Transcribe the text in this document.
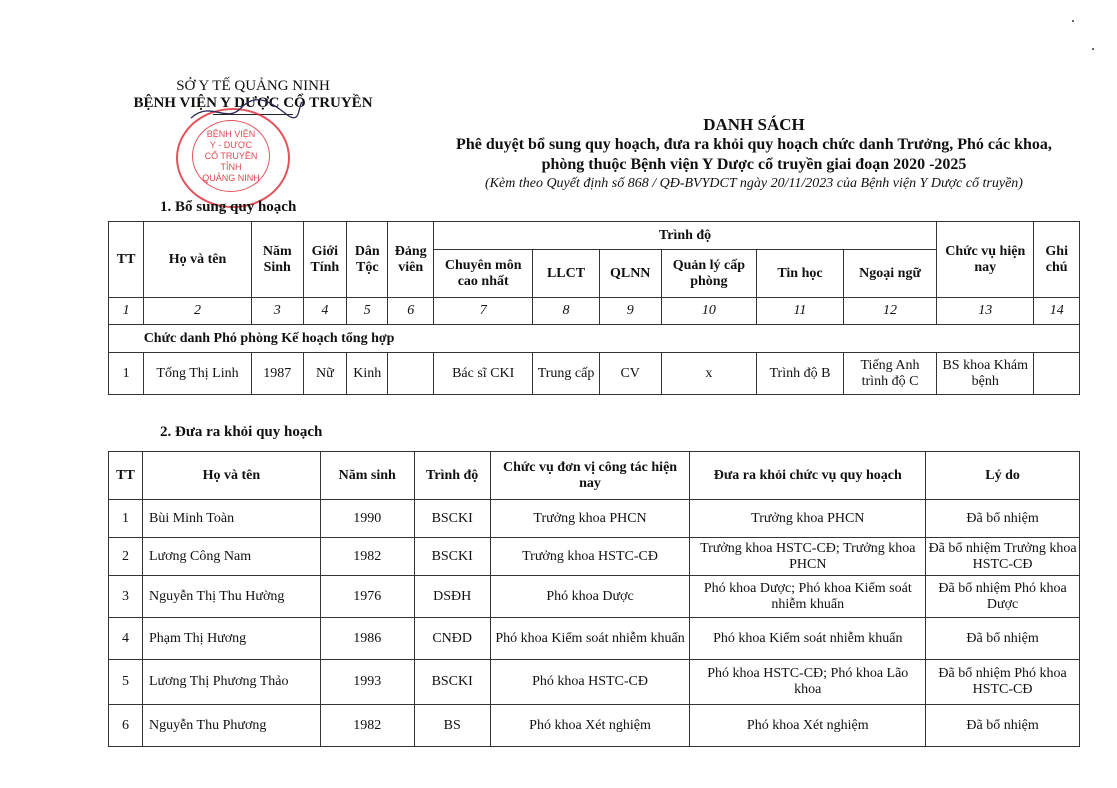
SỞ Y TẾ QUẢNG NINH
BỆNH VIỆN Y DƯỢC CỔ TRUYỀN
BỆNH VIỆN
Y - DƯỢC
CỔ TRUYỀN TỈNH
QUẢNG NINH
DANH SÁCH
Phê duyệt bổ sung quy hoạch, đưa ra khỏi quy hoạch chức danh Trưởng, Phó các khoa,
phòng thuộc Bệnh viện Y Dược cổ truyền giai đoạn 2020 -2025
(Kèm theo Quyết định số 868 / QĐ-BVYDCT ngày 20/11/2023 của Bệnh viện Y Dược cổ truyền)
1. Bổ sung quy hoạch
TT	Họ và tên	Năm Sinh	Giới Tính	Dân Tộc	Đảng viên	Trình độ						Chức vụ hiện nay	Ghi chú
						Chuyên môn cao nhất	LLCT	QLNN	Quản lý cấp phòng	Tin học	Ngoại ngữ		
1	2	3	4	5	6	7	8	9	10	11	12	13	14
	Chức danh Phó phòng Kế hoạch tổng hợp												
1	Tống Thị Linh	1987	Nữ	Kinh		Bác sĩ CKI	Trung cấp	CV	x	Trình độ B	Tiếng Anh trình độ C	BS khoa Khám bệnh	
2. Đưa ra khỏi quy hoạch
TT	Họ và tên	Năm sinh	Trình độ	Chức vụ đơn vị công tác hiện nay	Đưa ra khỏi chức vụ quy hoạch	Lý do
1	Bùi Minh Toàn	1990	BSCKI	Trưởng khoa PHCN	Trưởng khoa PHCN	Đã bổ nhiệm
2	Lương Công Nam	1982	BSCKI	Trưởng khoa HSTC-CĐ	Trưởng khoa HSTC-CĐ; Trưởng khoa PHCN	Đã bổ nhiệm Trưởng khoa HSTC-CĐ
3	Nguyễn Thị Thu Hường	1976	DSĐH	Phó khoa Dược	Phó khoa Dược; Phó khoa Kiểm soát nhiễm khuẩn	Đã bổ nhiệm Phó khoa Dược
4	Phạm Thị Hương	1986	CNĐD	Phó khoa Kiểm soát nhiễm khuẩn	Phó khoa Kiểm soát nhiễm khuẩn	Đã bổ nhiệm
5	Lương Thị Phương Thảo	1993	BSCKI	Phó khoa HSTC-CĐ	Phó khoa HSTC-CĐ; Phó khoa Lão khoa	Đã bổ nhiệm Phó khoa HSTC-CĐ
6	Nguyễn Thu Phương	1982	BS	Phó khoa Xét nghiệm	Phó khoa Xét nghiệm	Đã bổ nhiệm
